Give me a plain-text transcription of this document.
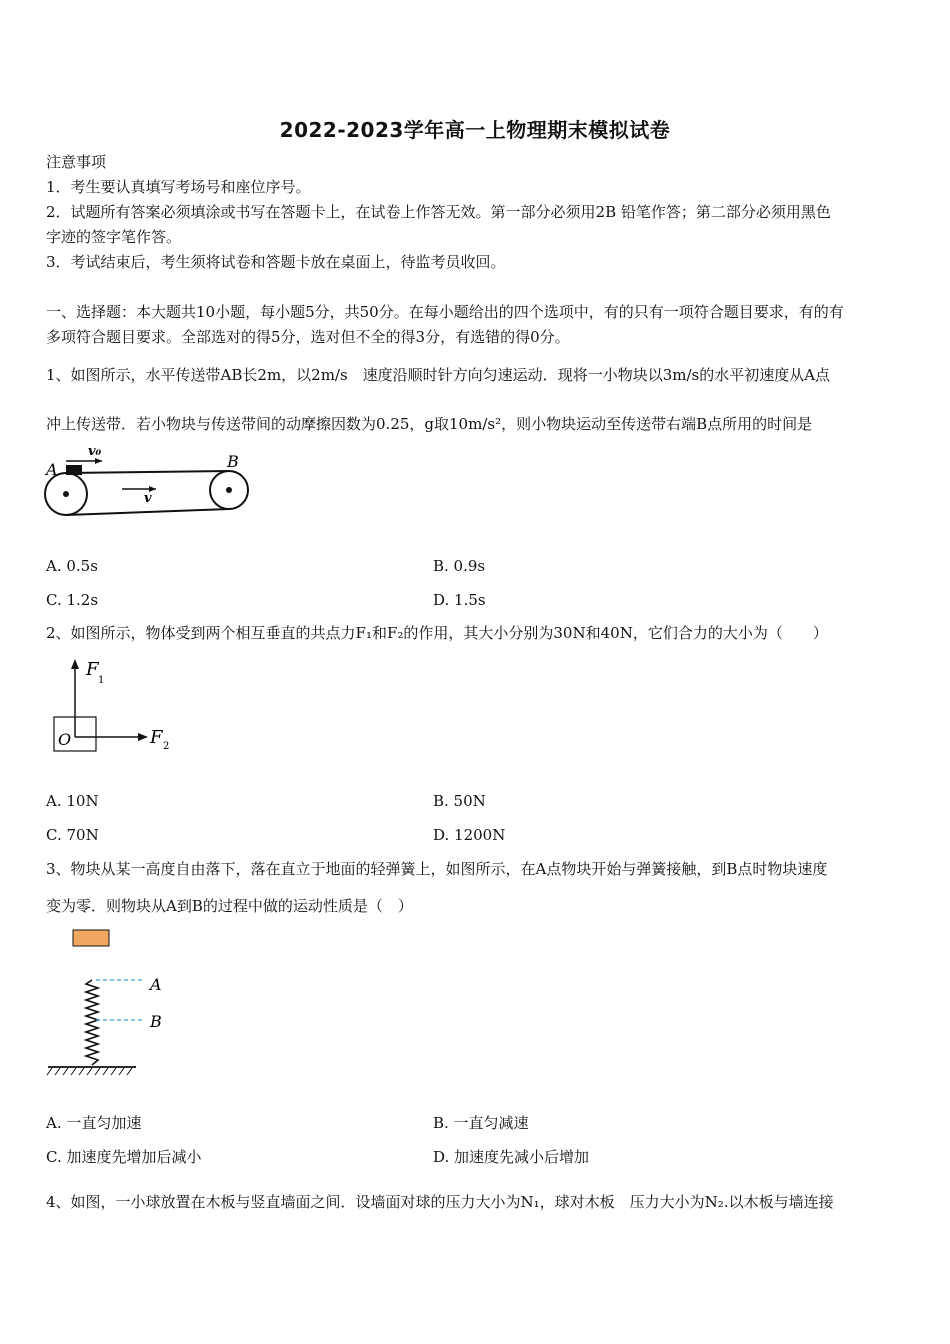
2022-2023学年高一上物理期末模拟试卷
注意事项
1．考生要认真填写考场号和座位序号。
2．试题所有答案必须填涂或书写在答题卡上，在试卷上作答无效。第一部分必须用2B 铅笔作答；第二部分必须用黑色
字迹的签字笔作答。
3．考试结束后，考生须将试卷和答题卡放在桌面上，待监考员收回。
一、选择题：本大题共10小题，每小题5分，共50分。在每小题给出的四个选项中，有的只有一项符合题目要求，有的有
多项符合题目要求。全部选对的得5分，选对但不全的得3分，有选错的得0分。
1、如图所示，水平传送带AB长2m，以2m/s　速度沿顺时针方向匀速运动．现将一小物块以3m/s的水平初速度从A点
冲上传送带．若小物块与传送带间的动摩擦因数为0.25，g取10m/s²，则小物块运动至传送带右端B点所用的时间是
A	B
v₀
v
A. 0.5s	B. 0.9s
C. 1.2s	D. 1.5s
2、如图所示，物体受到两个相互垂直的共点力F₁和F₂的作用，其大小分别为30N和40N，它们合力的大小为（　　）
F
1
F 2
O
A. 10N	B. 50N
C. 70N	D. 1200N
3、物块从某一高度自由落下，落在直立于地面的轻弹簧上，如图所示，在A点物块开始与弹簧接触，到B点时物块速度
变为零．则物块从A到B的过程中做的运动性质是（　）
A
B
A. 一直匀加速	B. 一直匀减速
C. 加速度先增加后减小	D. 加速度先减小后增加
4、如图，一小球放置在木板与竖直墙面之间．设墙面对球的压力大小为N₁，球对木板　压力大小为N₂.以木板与墙连接
